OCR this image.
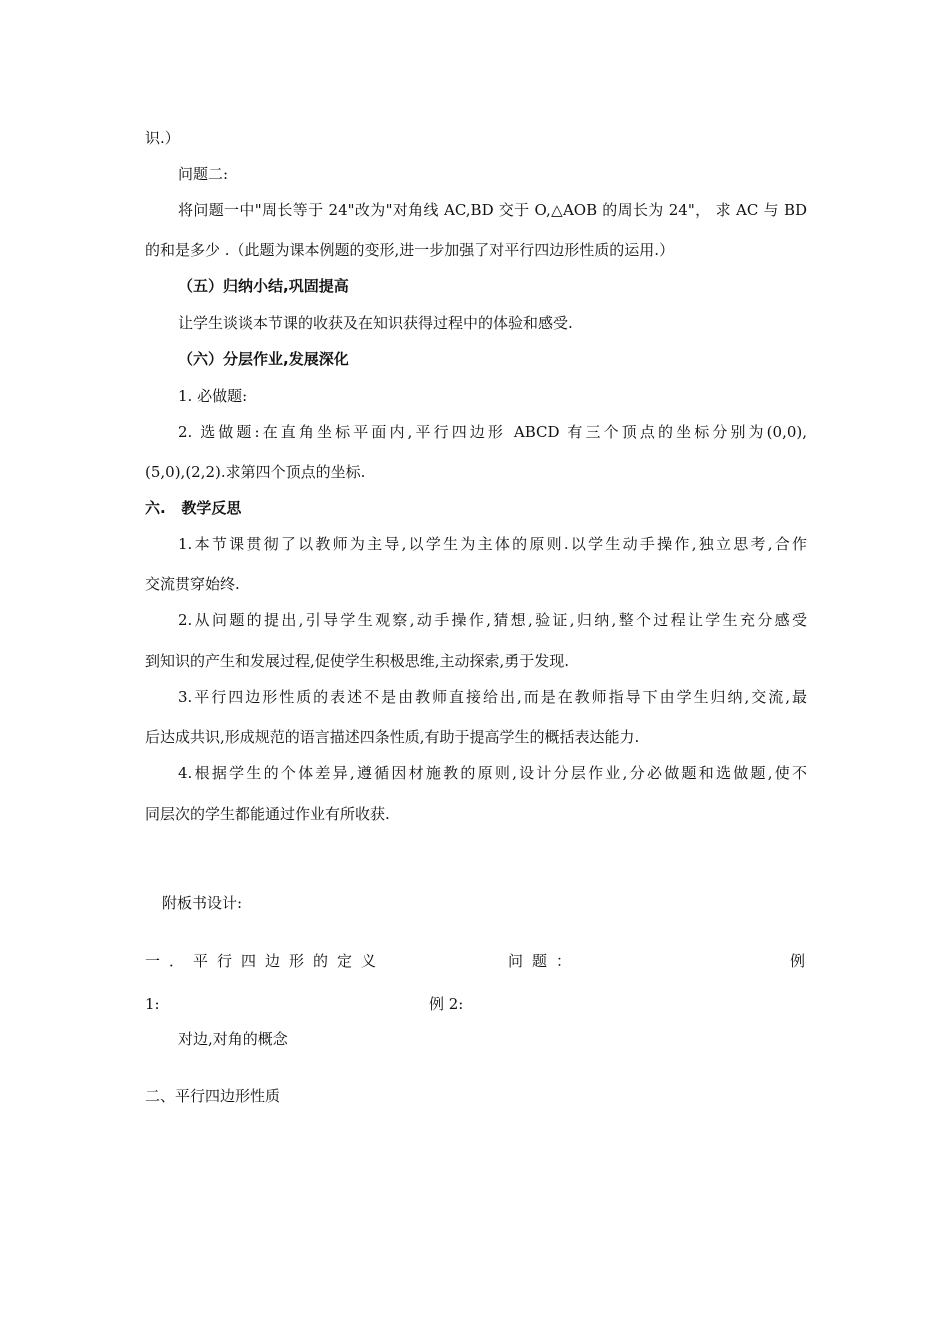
识.）
问题二:
将问题一中"周长等于 24"改为"对角线 AC,BD 交于 O,△AOB 的周长为 24"， 求 AC 与 BD
的和是多少 .（此题为课本例题的变形,进一步加强了对平行四边形性质的运用.）
（五）归纳小结,巩固提高
让学生谈谈本节课的收获及在知识获得过程中的体验和感受.
（六）分层作业,发展深化
1. 必做题:
2. 选做题:在直角坐标平面内,平行四边形 ABCD 有三个顶点的坐标分别为(0,0),
(5,0),(2,2).求第四个顶点的坐标.
六.   教学反思
1.本节课贯彻了以教师为主导,以学生为主体的原则.以学生动手操作,独立思考,合作
交流贯穿始终.
2.从问题的提出,引导学生观察,动手操作,猜想,验证,归纳,整个过程让学生充分感受
到知识的产生和发展过程,促使学生积极思维,主动探索,勇于发现.
3.平行四边形性质的表述不是由教师直接给出,而是在教师指导下由学生归纳,交流,最
后达成共识,形成规范的语言描述四条性质,有助于提高学生的概括表达能力.
4.根据学生的个体差异,遵循因材施教的原则,设计分层作业,分必做题和选做题,使不
同层次的学生都能通过作业有所收获.
附板书设计:
一．平行四边形的定义	问题：	例
1:	例 2:
对边,对角的概念
二、平行四边形性质
